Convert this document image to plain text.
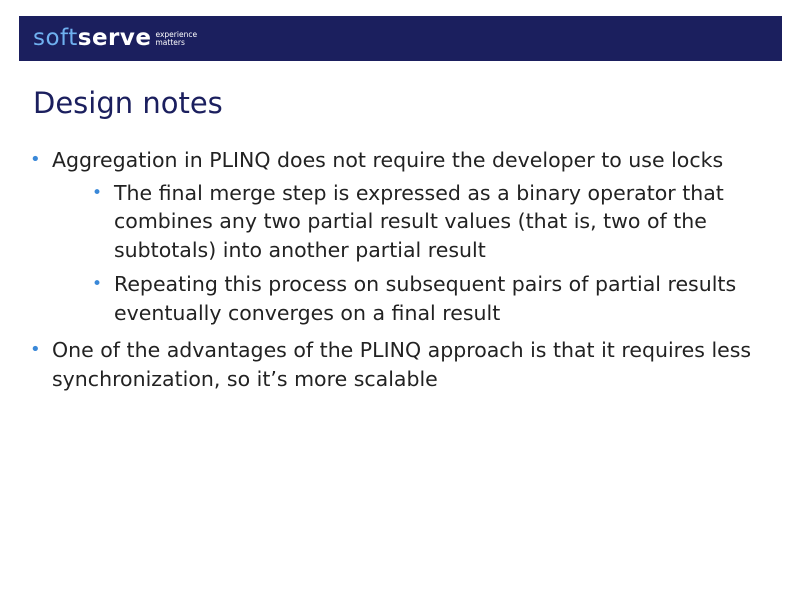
soft serve experience
matters
Design notes
• Aggregation in PLINQ does not require the developer to use locks
• The final merge step is expressed as a binary operator that combines any two partial result values (that is, two of the subtotals) into another partial result
• Repeating this process on subsequent pairs of partial results eventually converges on a final result
• One of the advantages of the PLINQ approach is that it requires less synchronization, so it’s more scalable
